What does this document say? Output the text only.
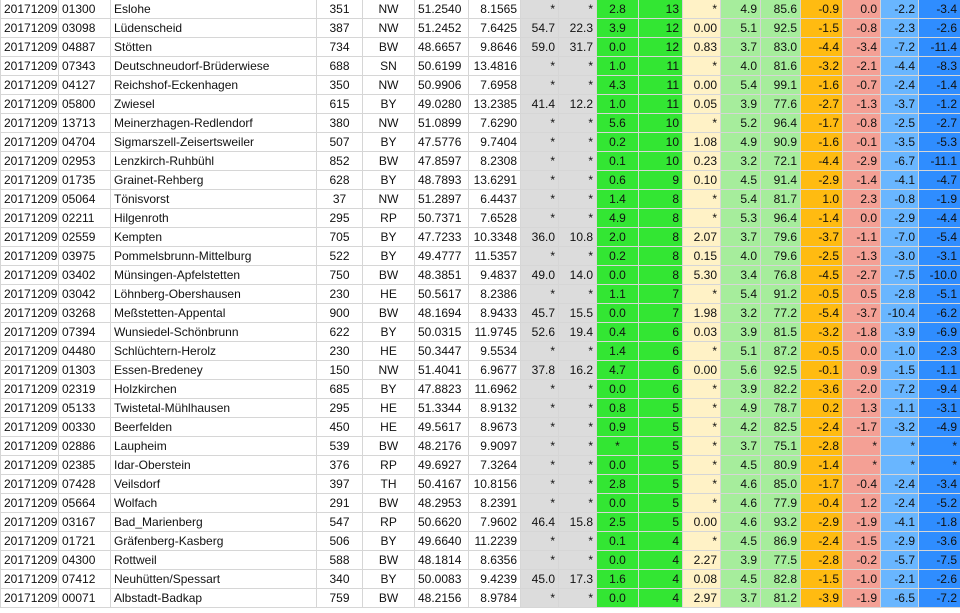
20171209	01300	Eslohe	351	NW	51.2540	8.1565	*	*	2.8	13	*	4.9	85.6	-0.9	0.0	-2.2	-3.4
20171209	03098	Lüdenscheid	387	NW	51.2452	7.6425	54.7	22.3	3.9	12	0.00	5.1	92.5	-1.5	-0.8	-2.3	-2.6
20171209	04887	Stötten	734	BW	48.6657	9.8646	59.0	31.7	0.0	12	0.83	3.7	83.0	-4.4	-3.4	-7.2	-11.4
20171209	07343	Deutschneudorf-Brüderwiese	688	SN	50.6199	13.4816	*	*	1.0	11	*	4.0	81.6	-3.2	-2.1	-4.4	-8.3
20171209	04127	Reichshof-Eckenhagen	350	NW	50.9906	7.6958	*	*	4.3	11	0.00	5.4	99.1	-1.6	-0.7	-2.4	-1.4
20171209	05800	Zwiesel	615	BY	49.0280	13.2385	41.4	12.2	1.0	11	0.05	3.9	77.6	-2.7	-1.3	-3.7	-1.2
20171209	13713	Meinerzhagen-Redlendorf	380	NW	51.0899	7.6290	*	*	5.6	10	*	5.2	96.4	-1.7	-0.8	-2.5	-2.7
20171209	04704	Sigmarszell-Zeisertsweiler	507	BY	47.5776	9.7404	*	*	0.2	10	1.08	4.9	90.9	-1.6	-0.1	-3.5	-5.3
20171209	02953	Lenzkirch-Ruhbühl	852	BW	47.8597	8.2308	*	*	0.1	10	0.23	3.2	72.1	-4.4	-2.9	-6.7	-11.1
20171209	01735	Grainet-Rehberg	628	BY	48.7893	13.6291	*	*	0.6	9	0.10	4.5	91.4	-2.9	-1.4	-4.1	-4.7
20171209	05064	Tönisvorst	37	NW	51.2897	6.4437	*	*	1.4	8	*	5.4	81.7	1.0	2.3	-0.8	-1.9
20171209	02211	Hilgenroth	295	RP	50.7371	7.6528	*	*	4.9	8	*	5.3	96.4	-1.4	0.0	-2.9	-4.4
20171209	02559	Kempten	705	BY	47.7233	10.3348	36.0	10.8	2.0	8	2.07	3.7	79.6	-3.7	-1.1	-7.0	-5.4
20171209	03975	Pommelsbrunn-Mittelburg	522	BY	49.4777	11.5357	*	*	0.2	8	0.15	4.0	79.6	-2.5	-1.3	-3.0	-3.1
20171209	03402	Münsingen-Apfelstetten	750	BW	48.3851	9.4837	49.0	14.0	0.0	8	5.30	3.4	76.8	-4.5	-2.7	-7.5	-10.0
20171209	03042	Löhnberg-Obershausen	230	HE	50.5617	8.2386	*	*	1.1	7	*	5.4	91.2	-0.5	0.5	-2.8	-5.1
20171209	03268	Meßstetten-Appental	900	BW	48.1694	8.9433	45.7	15.5	0.0	7	1.98	3.2	77.2	-5.4	-3.7	-10.4	-6.2
20171209	07394	Wunsiedel-Schönbrunn	622	BY	50.0315	11.9745	52.6	19.4	0.4	6	0.03	3.9	81.5	-3.2	-1.8	-3.9	-6.9
20171209	04480	Schlüchtern-Herolz	230	HE	50.3447	9.5534	*	*	1.4	6	*	5.1	87.2	-0.5	0.0	-1.0	-2.3
20171209	01303	Essen-Bredeney	150	NW	51.4041	6.9677	37.8	16.2	4.7	6	0.00	5.6	92.5	-0.1	0.9	-1.5	-1.1
20171209	02319	Holzkirchen	685	BY	47.8823	11.6962	*	*	0.0	6	*	3.9	82.2	-3.6	-2.0	-7.2	-9.4
20171209	05133	Twistetal-Mühlhausen	295	HE	51.3344	8.9132	*	*	0.8	5	*	4.9	78.7	0.2	1.3	-1.1	-3.1
20171209	00330	Beerfelden	450	HE	49.5617	8.9673	*	*	0.9	5	*	4.2	82.5	-2.4	-1.7	-3.2	-4.9
20171209	02886	Laupheim	539	BW	48.2176	9.9097	*	*	*	5	*	3.7	75.1	-2.8	*	*	*
20171209	02385	Idar-Oberstein	376	RP	49.6927	7.3264	*	*	0.0	5	*	4.5	80.9	-1.4	*	*	*
20171209	07428	Veilsdorf	397	TH	50.4167	10.8156	*	*	2.8	5	*	4.6	85.0	-1.7	-0.4	-2.4	-3.4
20171209	05664	Wolfach	291	BW	48.2953	8.2391	*	*	0.0	5	*	4.6	77.9	-0.4	1.2	-2.4	-5.2
20171209	03167	Bad_Marienberg	547	RP	50.6620	7.9602	46.4	15.8	2.5	5	0.00	4.6	93.2	-2.9	-1.9	-4.1	-1.8
20171209	01721	Gräfenberg-Kasberg	506	BY	49.6640	11.2239	*	*	0.1	4	*	4.5	86.9	-2.4	-1.5	-2.9	-3.6
20171209	04300	Rottweil	588	BW	48.1814	8.6356	*	*	0.0	4	2.27	3.9	77.5	-2.8	-0.2	-5.7	-7.5
20171209	07412	Neuhütten/Spessart	340	BY	50.0083	9.4239	45.0	17.3	1.6	4	0.08	4.5	82.8	-1.5	-1.0	-2.1	-2.6
20171209	00071	Albstadt-Badkap	759	BW	48.2156	8.9784	*	*	0.0	4	2.97	3.7	81.2	-3.9	-1.9	-6.5	-7.2
